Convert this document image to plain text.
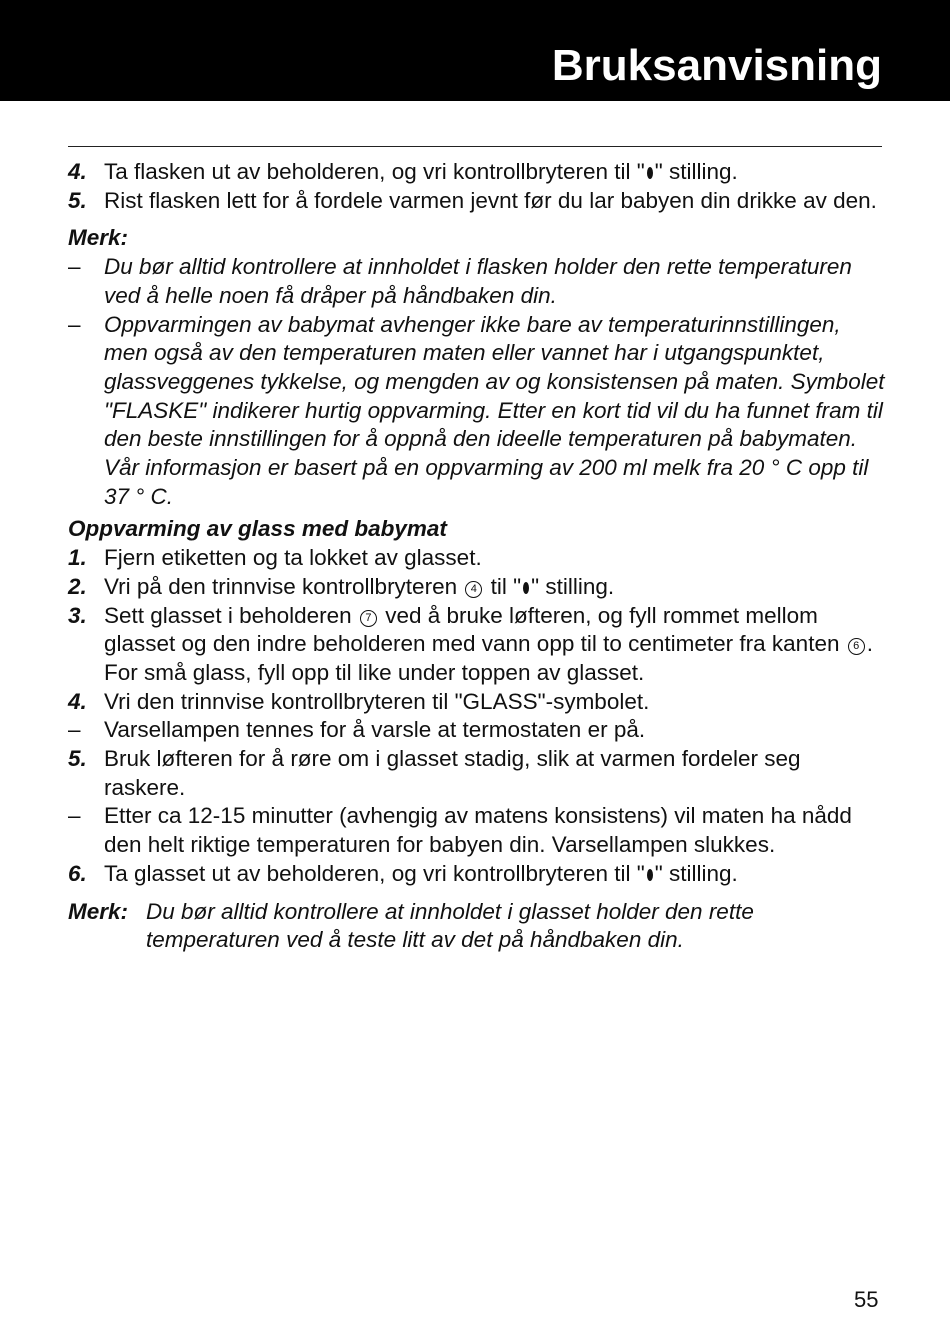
Bruksanvisning
4. Ta flasken ut av beholderen, og vri kontrollbryteren til " " stilling.
5. Rist flasken lett for å fordele varmen jevnt før du lar babyen din drikke av den.
Merk:
– Du bør alltid kontrollere at innholdet i flasken holder den rette temperaturen ved å helle noen få dråper på håndbaken din.
– Oppvarmingen av babymat avhenger ikke bare av temperaturinnstillingen, men også av den temperaturen maten eller vannet har i utgangspunktet, glassveggenes tykkelse, og mengden av og konsistensen på maten. Symbolet "FLASKE" indikerer hurtig oppvarming. Etter en kort tid vil du ha funnet fram til den beste innstillingen for å oppnå den ideelle temperaturen på babymaten. Vår informasjon er basert på en oppvarming av 200 ml melk fra 20 ° C opp til 37 ° C.
Oppvarming av glass med babymat
1. Fjern etiketten og ta lokket av glasset.
2. Vri på den trinnvise kontrollbryteren 4 til " " stilling.
3. Sett glasset i beholderen 7 ved å bruke løfteren, og fyll rommet mellom glasset og den indre beholderen med vann opp til to centimeter fra kanten 6 . For små glass, fyll opp til like under toppen av glasset.
4. Vri den trinnvise kontrollbryteren til "GLASS"-symbolet.
– Varsellampen tennes for å varsle at termostaten er på.
5. Bruk løfteren for å røre om i glasset stadig, slik at varmen fordeler seg raskere.
– Etter ca 12-15 minutter (avhengig av matens konsistens) vil maten ha nådd den helt riktige temperaturen for babyen din. Varsellampen slukkes.
6. Ta glasset ut av beholderen, og vri kontrollbryteren til " " stilling.
Merk: Du bør alltid kontrollere at innholdet i glasset holder den rette temperaturen ved å teste litt av det på håndbaken din.
55
